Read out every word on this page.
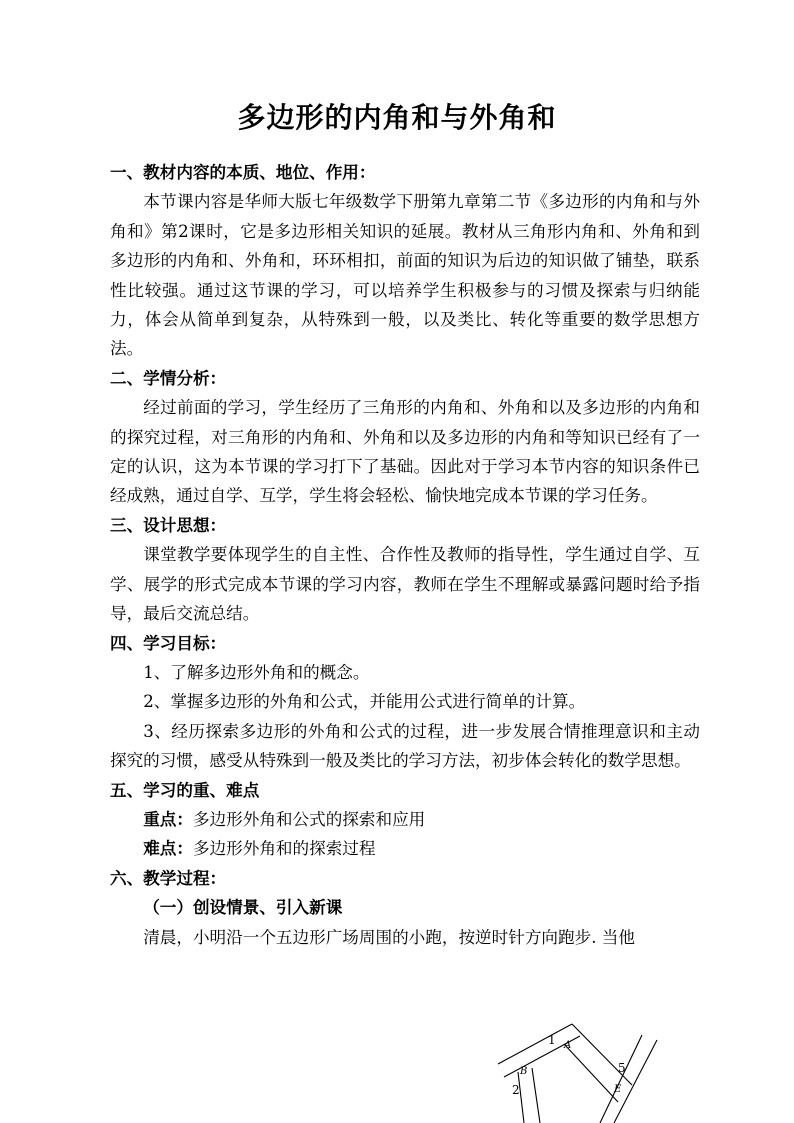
多边形的内角和与外角和

一、教材内容的本质、地位、作用：

本节课内容是华师大版七年级数学下册第九章第二节《多边形的内角和与外角和》第2课时，它是多边形相关知识的延展。教材从三角形内角和、外角和到多边形的内角和、外角和，环环相扣，前面的知识为后边的知识做了铺垫，联系性比较强。通过这节课的学习，可以培养学生积极参与的习惯及探索与归纳能力，体会从简单到复杂，从特殊到一般，以及类比、转化等重要的数学思想方法。

二、学情分析：

经过前面的学习，学生经历了三角形的内角和、外角和以及多边形的内角和的探究过程，对三角形的内角和、外角和以及多边形的内角和等知识已经有了一定的认识，这为本节课的学习打下了基础。因此对于学习本节内容的知识条件已经成熟，通过自学、互学，学生将会轻松、愉快地完成本节课的学习任务。

三、设计思想：

课堂教学要体现学生的自主性、合作性及教师的指导性，学生通过自学、互学、展学的形式完成本节课的学习内容，教师在学生不理解或暴露问题时给予指导，最后交流总结。

四、学习目标：

1、了解多边形外角和的概念。

2、掌握多边形的外角和公式，并能用公式进行简单的计算。

3、经历探索多边形的外角和公式的过程，进一步发展合情推理意识和主动探究的习惯，感受从特殊到一般及类比的学习方法，初步体会转化的数学思想。

五、学习的重、难点

重点：多边形外角和公式的探索和应用

难点：多边形外角和的探索过程

六、教学过程：

（一）创设情景、引入新课

清晨，小明沿一个五边形广场周围的小跑，按逆时针方向跑步. 当他

1
2
5
A
B
E
